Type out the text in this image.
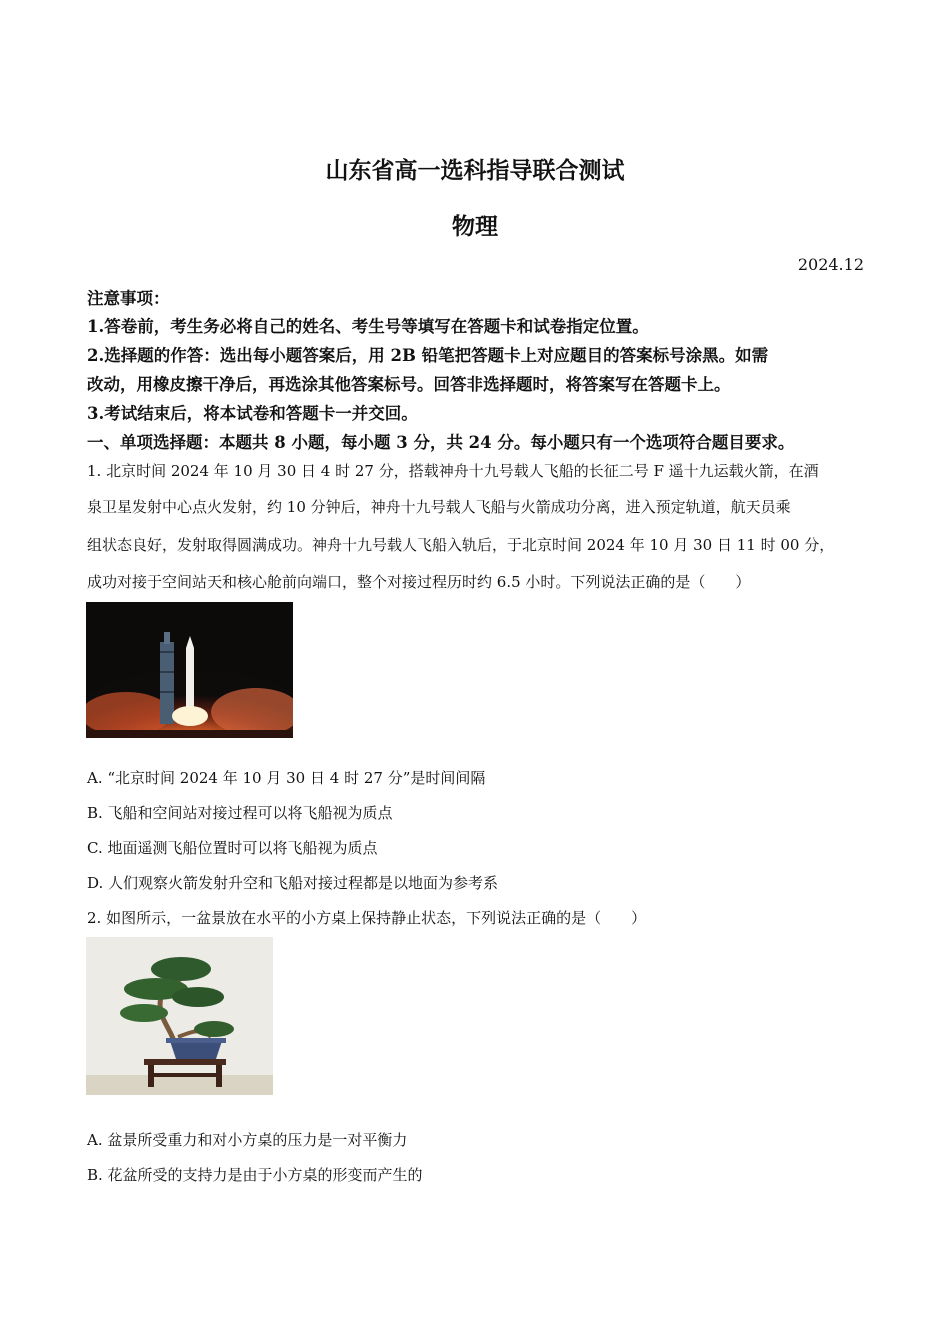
山东省高一选科指导联合测试
物理
2024.12
注意事项：
1.答卷前，考生务必将自己的姓名、考生号等填写在答题卡和试卷指定位置。
2.选择题的作答：选出每小题答案后，用 2B 铅笔把答题卡上对应题目的答案标号涂黑。如需
改动，用橡皮擦干净后，再选涂其他答案标号。回答非选择题时，将答案写在答题卡上。
3.考试结束后，将本试卷和答题卡一并交回。
一、单项选择题：本题共 8 小题，每小题 3 分，共 24 分。每小题只有一个选项符合题目要求。
1. 北京时间 2024 年 10 月 30 日 4 时 27 分，搭载神舟十九号载人飞船的长征二号 F 遥十九运载火箭，在酒
泉卫星发射中心点火发射，约 10 分钟后，神舟十九号载人飞船与火箭成功分离，进入预定轨道，航天员乘
组状态良好，发射取得圆满成功。神舟十九号载人飞船入轨后，于北京时间 2024 年 10 月 30 日 11 时 00 分，
成功对接于空间站天和核心舱前向端口，整个对接过程历时约 6.5 小时。下列说法正确的是（　　）
A. “北京时间 2024 年 10 月 30 日 4 时 27 分”是时间间隔
B. 飞船和空间站对接过程可以将飞船视为质点
C. 地面遥测飞船位置时可以将飞船视为质点
D. 人们观察火箭发射升空和飞船对接过程都是以地面为参考系
2. 如图所示，一盆景放在水平的小方桌上保持静止状态，下列说法正确的是（　　）
A. 盆景所受重力和对小方桌的压力是一对平衡力
B. 花盆所受的支持力是由于小方桌的形变而产生的
